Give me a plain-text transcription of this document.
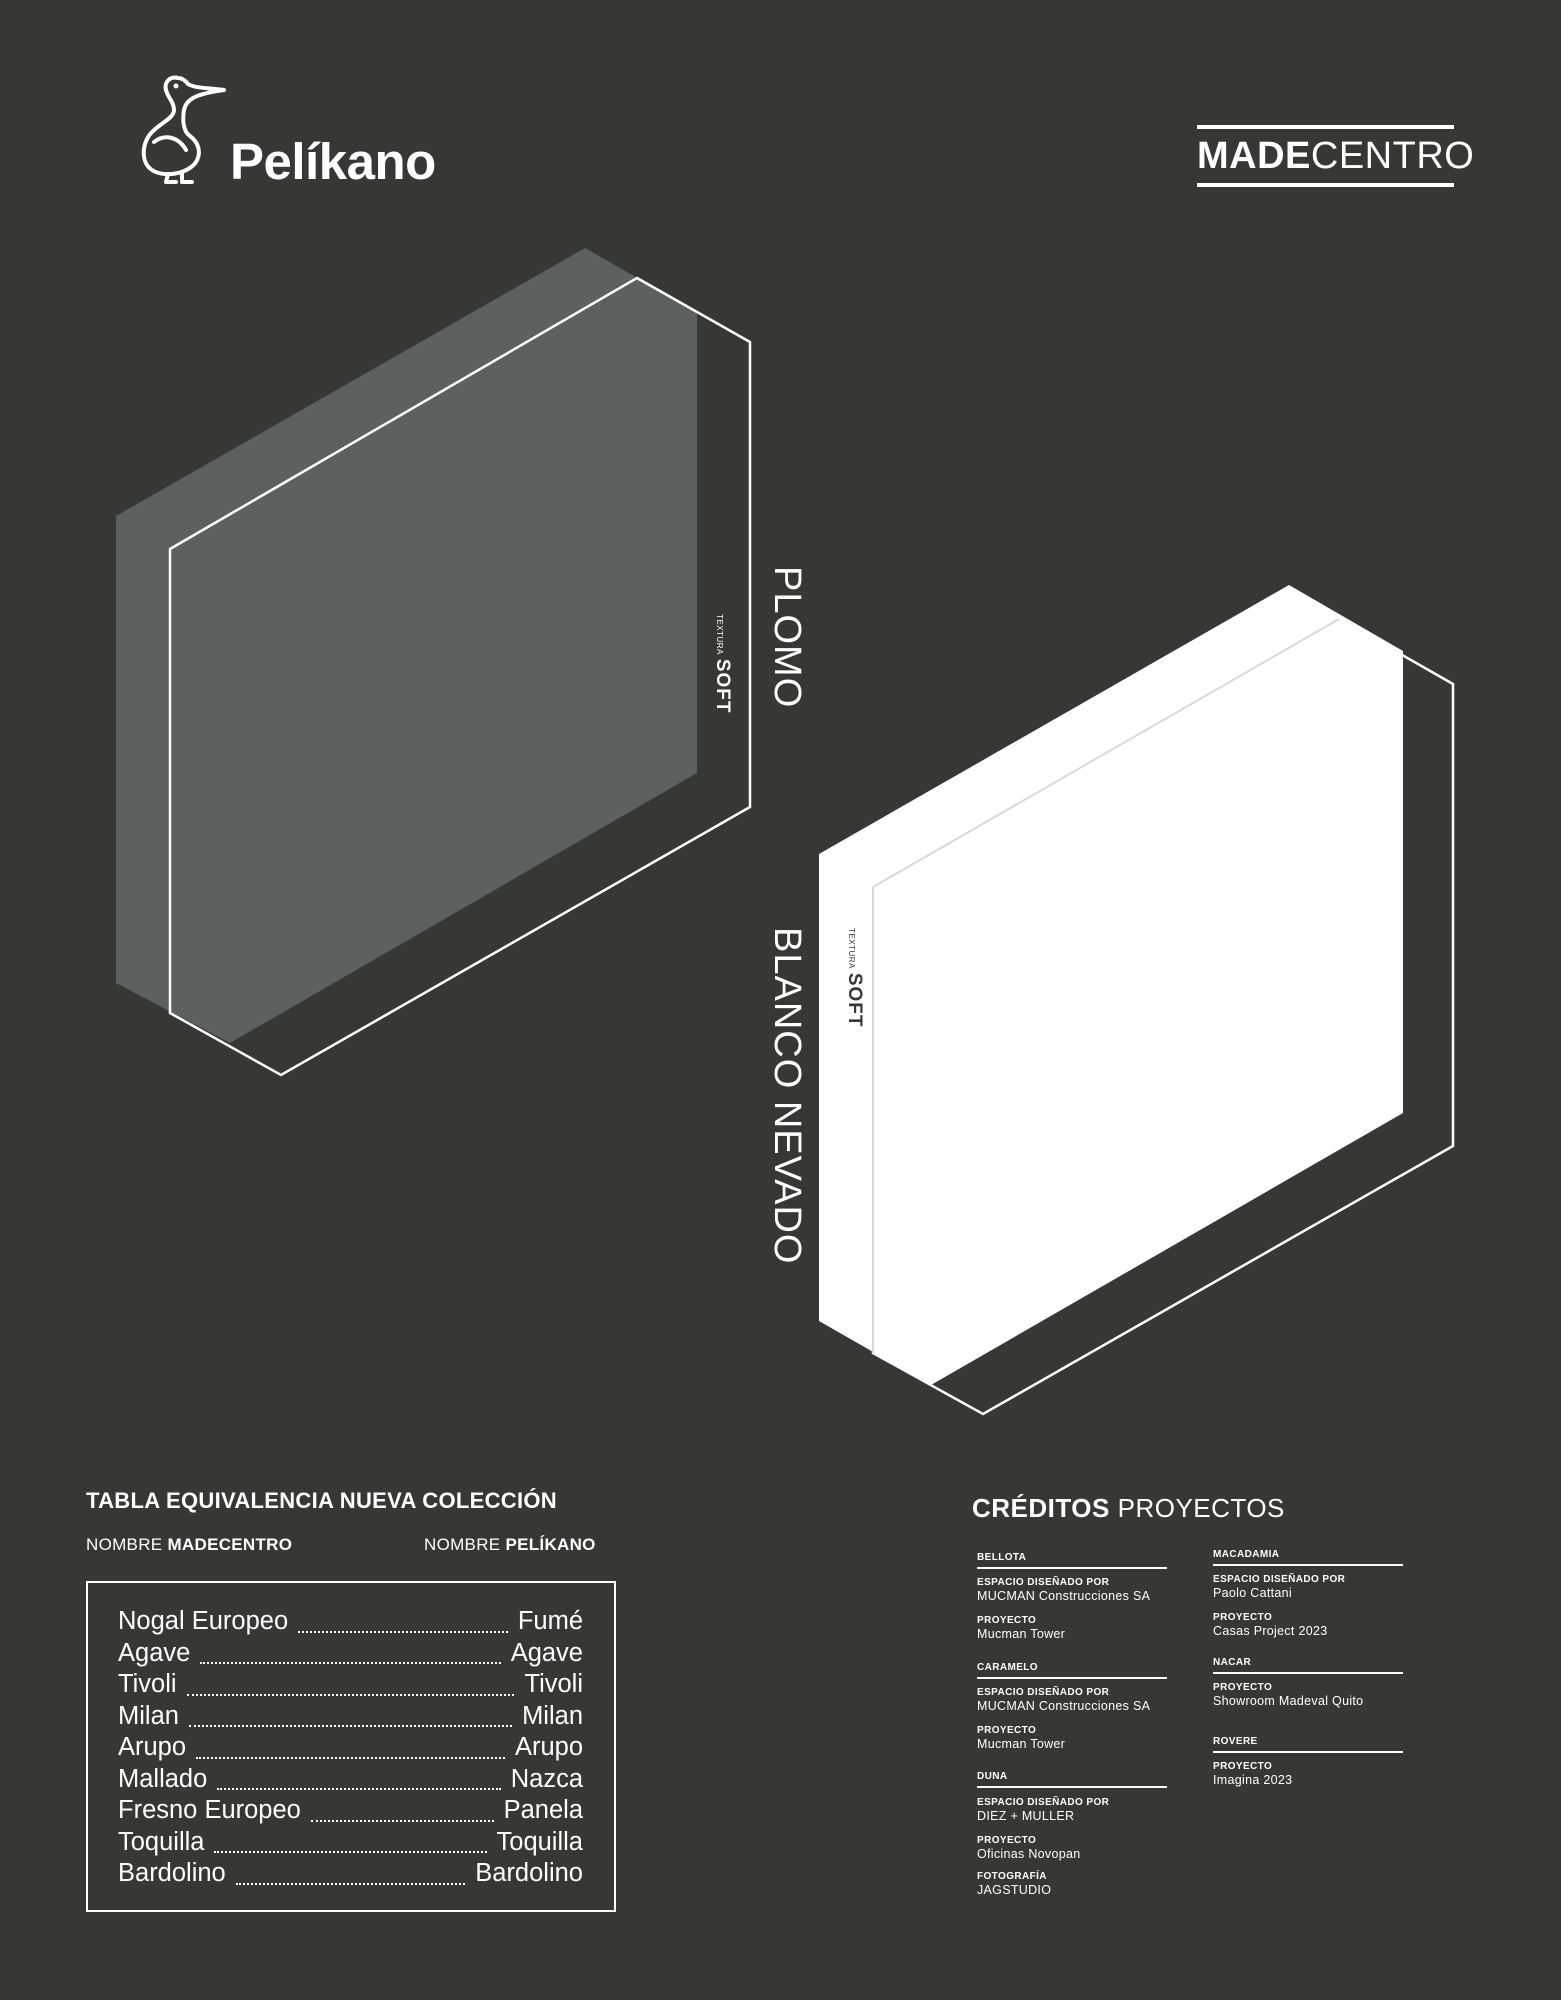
Pelíkano	MADECENTRO
PLOMO
TEXTURASOFT
BLANCO NEVADO	TEXTURASOFT
TABLA EQUIVALENCIA NUEVA COLECCIÓN
NOMBRE MADECENTRO	NOMBRE PELÍKANO
Nogal Europeo	Fumé
Agave	Agave
Tivoli	Tivoli
Milan	Milan
Arupo	Arupo
Mallado	Nazca
Fresno Europeo	Panela
Toquilla	Toquilla
Bardolino	Bardolino
CRÉDITOS PROYECTOS
BELLOTA
ESPACIO DISEÑADO POR
MUCMAN Construcciones SA
PROYECTO
Mucman Tower
CARAMELO
ESPACIO DISEÑADO POR
MUCMAN Construcciones SA
PROYECTO
Mucman Tower
DUNA
ESPACIO DISEÑADO POR
DIEZ + MULLER
PROYECTO
Oficinas Novopan
FOTOGRAFÍA
JAGSTUDIO
MACADAMIA
ESPACIO DISEÑADO POR
Paolo Cattani
PROYECTO
Casas Project 2023
NACAR
PROYECTO
Showroom Madeval Quito
ROVERE
PROYECTO
Imagina 2023
